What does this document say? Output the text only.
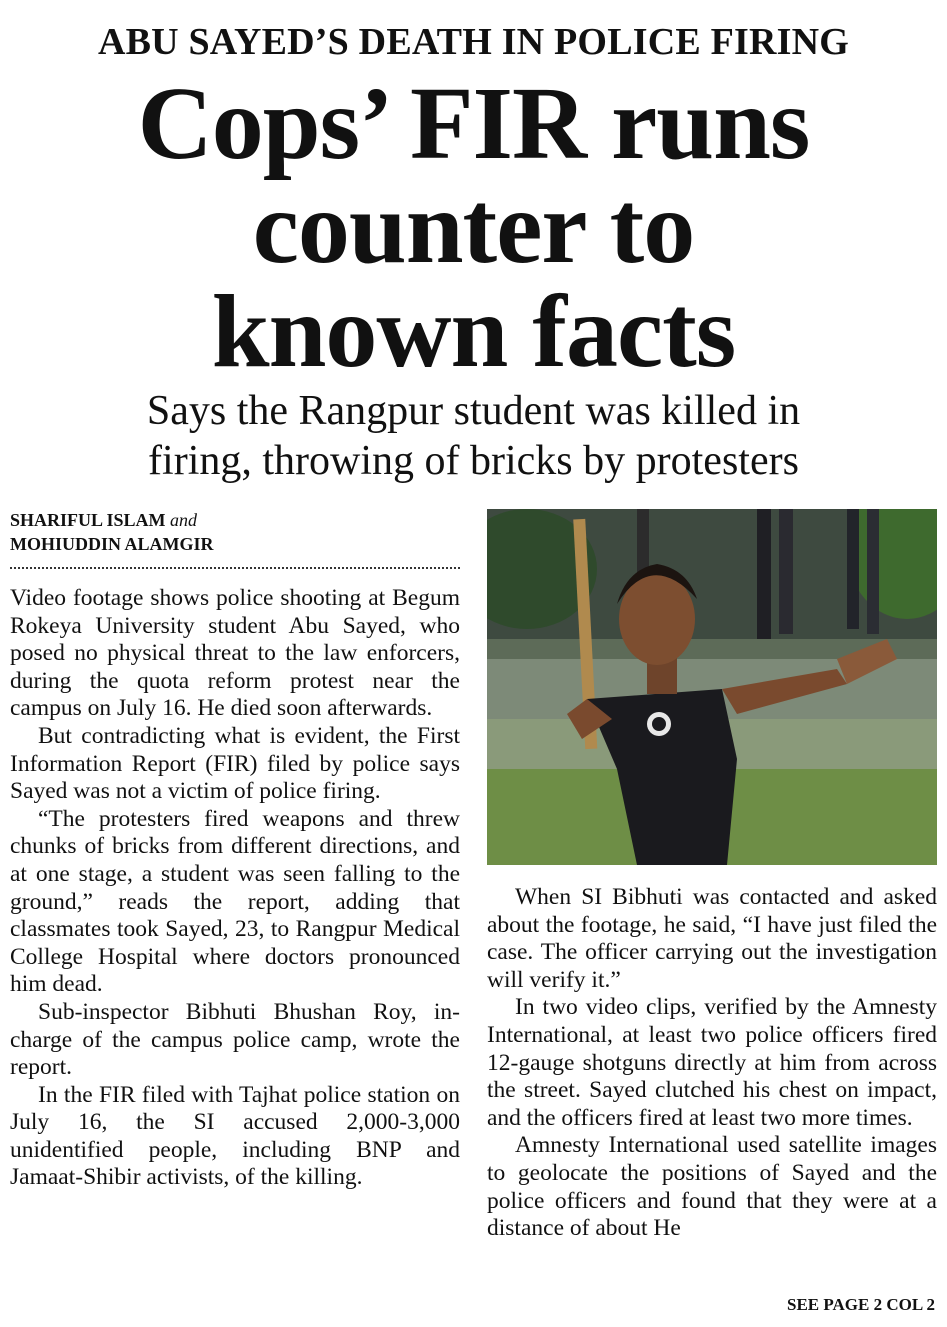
ABU SAYED’S DEATH IN POLICE FIRING
Cops’ FIR runs
counter to
known facts
Says the Rangpur student was killed in
firing, throwing of bricks by protesters
SHARIFUL ISLAM and
MOHIUDDIN ALAMGIR

Video footage shows police shooting at Begum Rokeya University student Abu Sayed, who posed no physical threat to the law enforcers, during the quota reform protest near the campus on July 16. He died soon afterwards.

But contradicting what is evident, the First Information Report (FIR) filed by police says Sayed was not a victim of police firing.

“The protesters fired weapons and threw chunks of bricks from different directions, and at one stage, a student was seen falling to the ground,” reads the report, adding that classmates took Sayed, 23, to Rangpur Medical College Hospital where doctors pronounced him dead.

Sub-inspector Bibhuti Bhushan Roy, in-charge of the campus police camp, wrote the report.

In the FIR filed with Tajhat police station on July 16, the SI accused 2,000-3,000 unidentified people, including BNP and Jamaat-Shibir activists, of the killing.

When SI Bibhuti was contacted and asked about the footage, he said, “I have just filed the case. The officer carrying out the investigation will verify it.”

In two video clips, verified by the Amnesty International, at least two police officers fired 12-gauge shotguns directly at him from across the street. Sayed clutched his chest on impact, and the officers fired at least two more times.

Amnesty International used satellite images to geolocate the positions of Sayed and the police officers and found that they were at a distance of about He

SEE PAGE 2 COL 2
